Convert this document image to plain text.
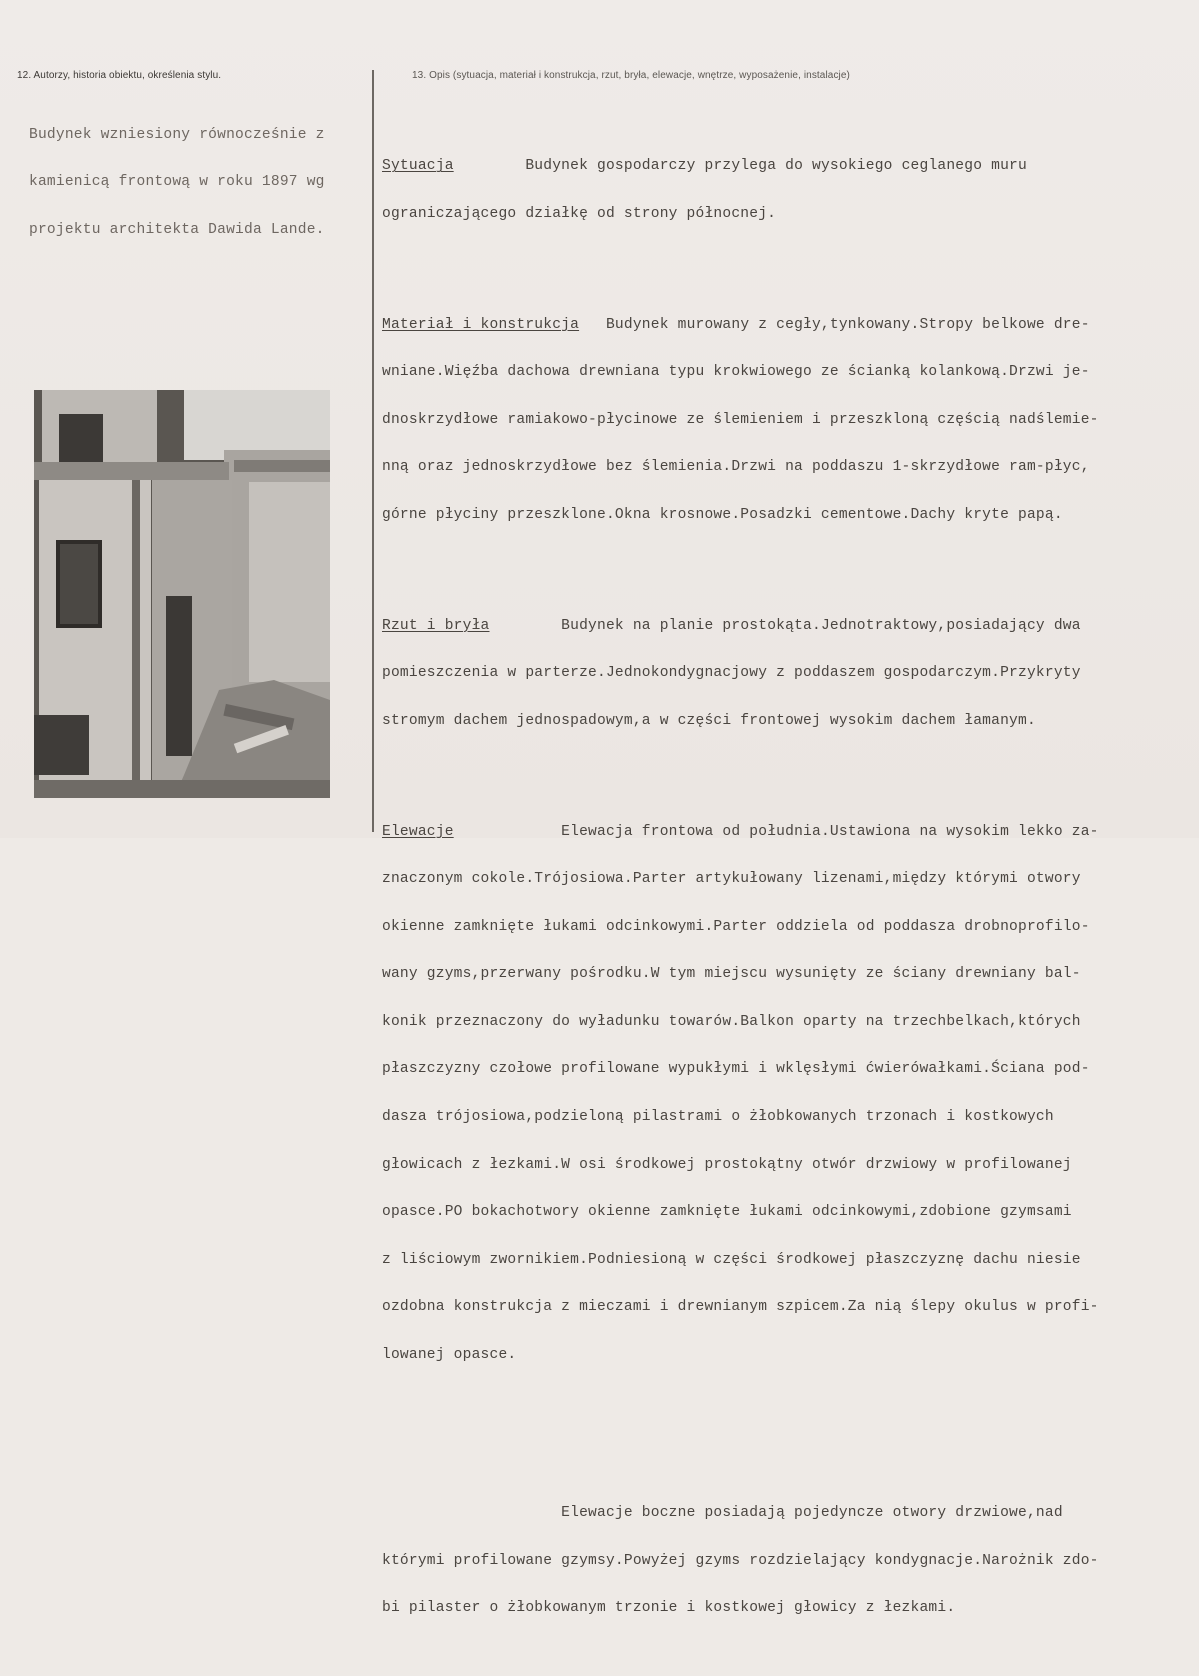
12. Autorzy, historia obiektu, określenia stylu.	13. Opis (sytuacja, materiał i konstrukcja, rzut, bryła, elewacje, wnętrze, wyposażenie, instalacje)

Budynek wzniesiony równocześnie z

kamienicą frontową w roku 1897 wg

projektu architekta Dawida Lande.

Sytuacja	Budynek gospodarczy przylega do wysokiego ceglanego muru

ograniczającego działkę od strony północnej.

Materiał i konstrukcja Budynek murowany z cegły,tynkowany.Stropy belkowe dre-

wniane.Więźba dachowa drewniana typu krokwiowego ze ścianką kolankową.Drzwi je-

dnoskrzydłowe ramiakowo-płycinowe ze ślemieniem i przeszkloną częścią nadślemie-

nną oraz jednoskrzydłowe bez ślemienia.Drzwi na poddaszu 1-skrzydłowe ram-płyc,

górne płyciny przeszklone.Okna krosnowe.Posadzki cementowe.Dachy kryte papą.

Rzut i bryła	Budynek na planie prostokąta.Jednotraktowy,posiadający dwa

pomieszczenia w parterze.Jednokondygnacjowy z poddaszem gospodarczym.Przykryty

stromym dachem jednospadowym,a w części frontowej wysokim dachem łamanym.

Elewacje	Elewacja frontowa od południa.Ustawiona na wysokim lekko za-

znaczonym cokole.Trójosiowa.Parter artykułowany lizenami,między którymi otwory

okienne zamknięte łukami odcinkowymi.Parter oddziela od poddasza drobnoprofilo-

wany gzyms,przerwany pośrodku.W tym miejscu wysunięty ze ściany drewniany bal-

konik przeznaczony do wyładunku towarów.Balkon oparty na trzechbelkach,których

płaszczyzny czołowe profilowane wypukłymi i wklęsłymi ćwierówałkami.Ściana pod-

dasza trójosiowa,podzieloną pilastrami o żłobkowanych trzonach i kostkowych

głowicach z łezkami.W osi środkowej prostokątny otwór drzwiowy w profilowanej

opasce.PO bokachotwory okienne zamknięte łukami odcinkowymi,zdobione gzymsami

z liściowym zwornikiem.Podniesioną w części środkowej płaszczyznę dachu niesie

ozdobna konstrukcja z mieczami i drewnianym szpicem.Za nią ślepy okulus w profi-

lowanej opasce.

Elewacje boczne posiadają pojedyncze otwory drzwiowe,nad

którymi profilowane gzymsy.Powyżej gzyms rozdzielający kondygnacje.Narożnik zdo-

bi pilaster o żłobkowanym trzonie i kostkowej głowicy z łezkami.
